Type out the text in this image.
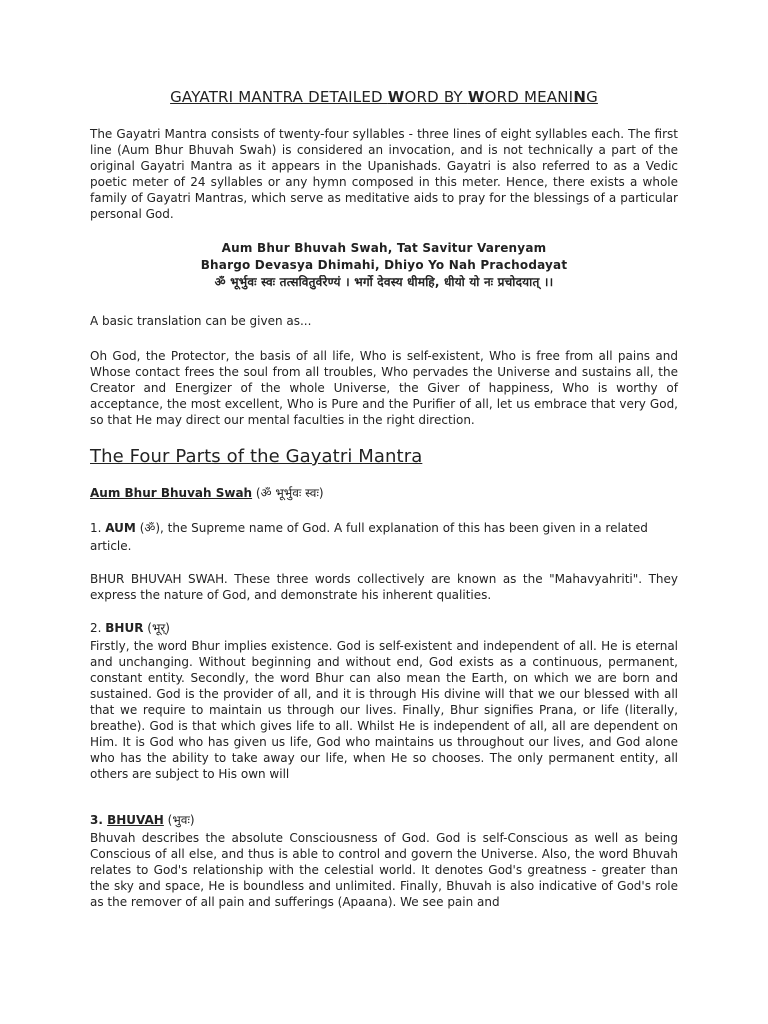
GAYATRI MANTRA DETAILED WORD BY WORD MEANING

The Gayatri Mantra consists of twenty-four syllables - three lines of eight syllables each. The first line (Aum Bhur Bhuvah Swah) is considered an invocation, and is not technically a part of the original Gayatri Mantra as it appears in the Upanishads. Gayatri is also referred to as a Vedic poetic meter of 24 syllables or any hymn composed in this meter. Hence, there exists a whole family of Gayatri Mantras, which serve as meditative aids to pray for the blessings of a particular personal God.

Aum Bhur Bhuvah Swah, Tat Savitur Varenyam
Bhargo Devasya Dhimahi, Dhiyo Yo Nah Prachodayat
ॐ भूर्भुवः स्वः तत्सवितुर्वरेण्यं । भर्गो देवस्य धीमहि, धीयो यो नः प्रचोदयात् ।।

A basic translation can be given as...

Oh God, the Protector, the basis of all life, Who is self-existent, Who is free from all pains and Whose contact frees the soul from all troubles, Who pervades the Universe and sustains all, the Creator and Energizer of the whole Universe, the Giver of happiness, Who is worthy of acceptance, the most excellent, Who is Pure and the Purifier of all, let us embrace that very God, so that He may direct our mental faculties in the right direction.

The Four Parts of the Gayatri Mantra
Aum Bhur Bhuvah Swah (ॐ भूर्भुवः स्वः)

1. AUM (ॐ), the Supreme name of God. A full explanation of this has been given in a related article.

BHUR BHUVAH SWAH. These three words collectively are known as the "Mahavyahriti". They express the nature of God, and demonstrate his inherent qualities.

2. BHUR (भूर्)

Firstly, the word Bhur implies existence. God is self-existent and independent of all. He is eternal and unchanging. Without beginning and without end, God exists as a continuous, permanent, constant entity. Secondly, the word Bhur can also mean the Earth, on which we are born and sustained. God is the provider of all, and it is through His divine will that we our blessed with all that we require to maintain us through our lives. Finally, Bhur signifies Prana, or life (literally, breathe). God is that which gives life to all. Whilst He is independent of all, all are dependent on Him. It is God who has given us life, God who maintains us throughout our lives, and God alone who has the ability to take away our life, when He so chooses. The only permanent entity, all others are subject to His own will

3. BHUVAH (भुवः)

Bhuvah describes the absolute Consciousness of God. God is self-Conscious as well as being Conscious of all else, and thus is able to control and govern the Universe. Also, the word Bhuvah relates to God's relationship with the celestial world. It denotes God's greatness - greater than the sky and space, He is boundless and unlimited. Finally, Bhuvah is also indicative of God's role as the remover of all pain and sufferings (Apaana). We see pain and
